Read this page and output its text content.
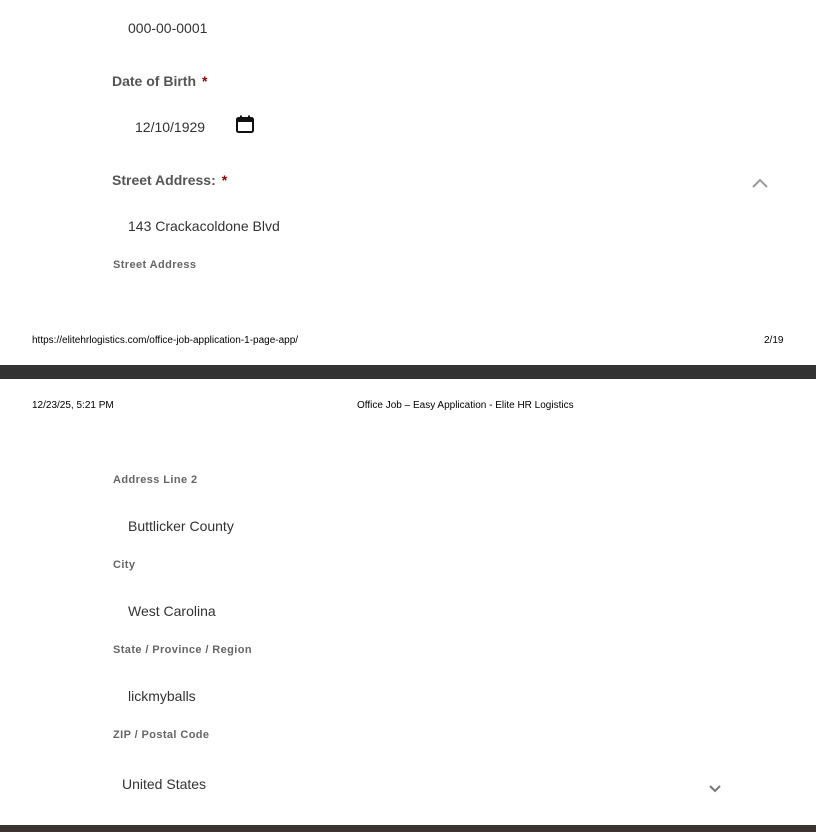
000-00-0001
Date of Birth *
12/10/1929
Street Address: *
143 Crackacoldone Blvd
Street Address
https://elitehrlogistics.com/office-job-application-1-page-app/	2/19
12/23/25, 5:21 PM	Office Job – Easy Application - Elite HR Logistics
Address Line 2
Buttlicker County
City
West Carolina
State / Province / Region
lickmyballs
ZIP / Postal Code
United States
